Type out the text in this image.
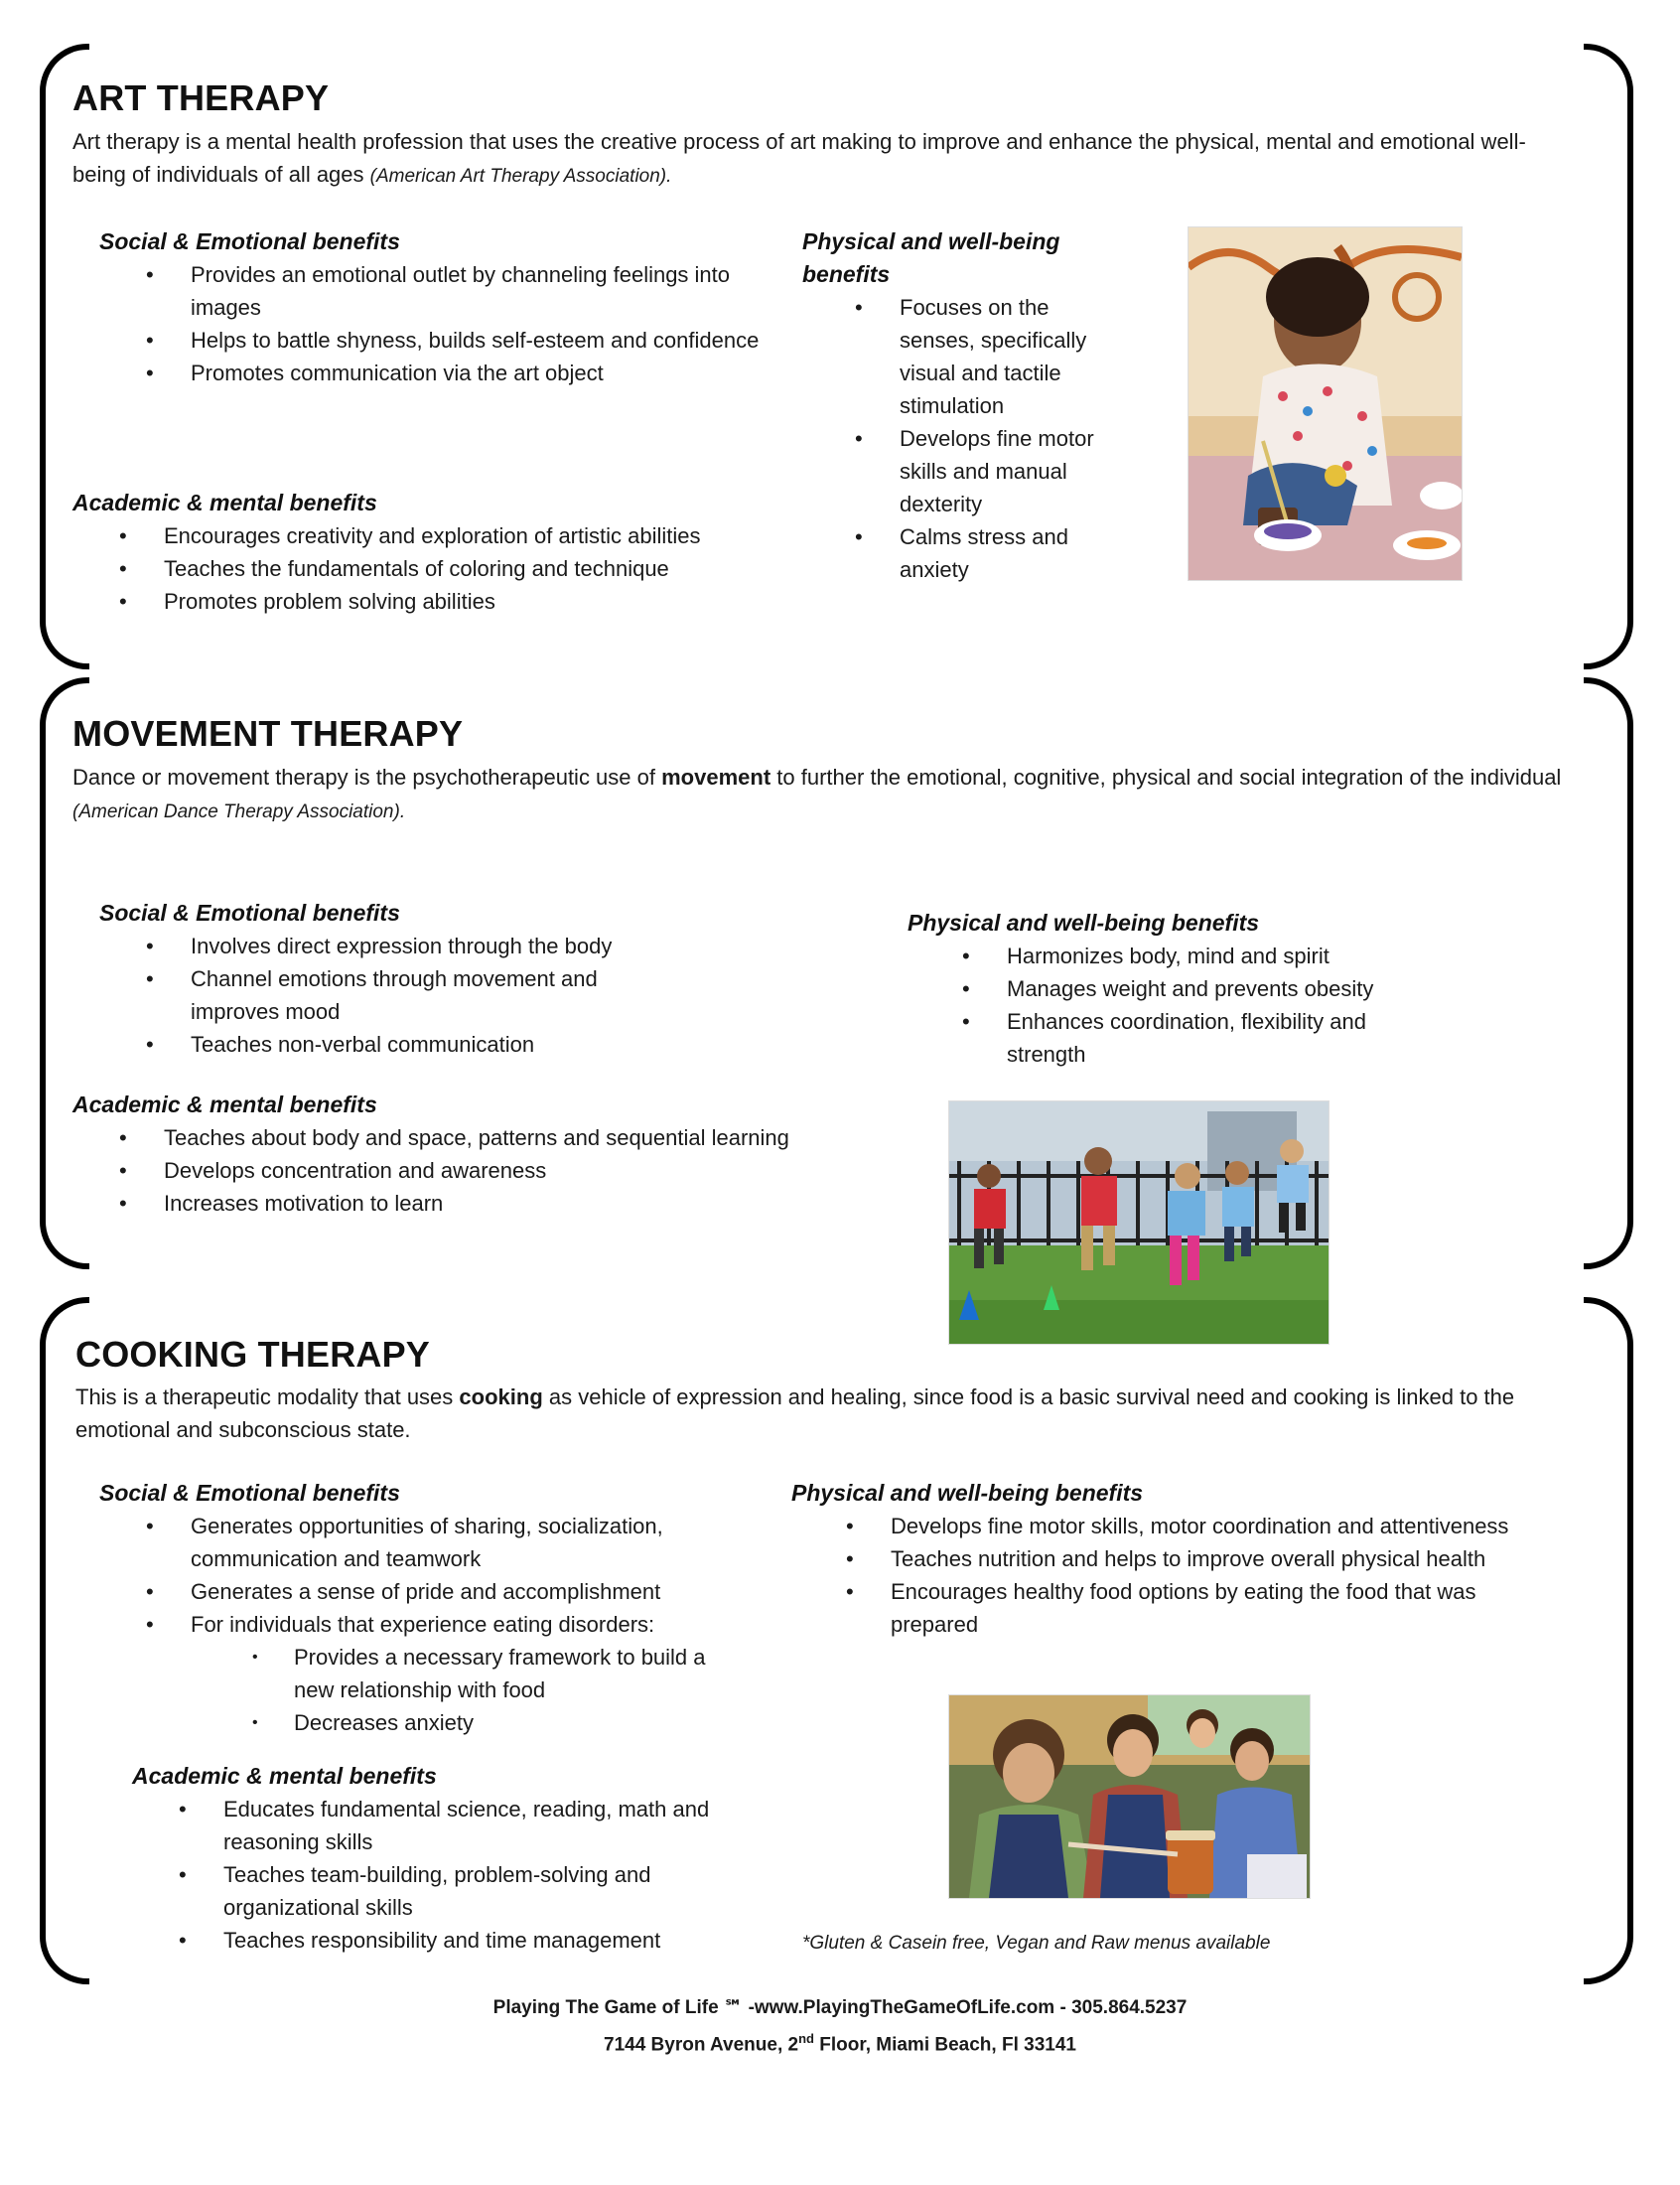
ART THERAPY

Art therapy is a mental health profession that uses the creative process of art making to improve and enhance the physical, mental and emotional well-being of individuals of all ages (American Art Therapy Association).

Social & Emotional benefits
• Provides an emotional outlet by channeling feelings into images
• Helps to battle shyness, builds self-esteem and confidence
• Promotes communication via the art object
Academic & mental benefits
• Encourages creativity and exploration of artistic abilities
• Teaches the fundamentals of coloring and technique
• Promotes problem solving abilities
Physical and well-being benefits
• Focuses on the senses, specifically visual and tactile stimulation
• Develops fine motor skills and manual dexterity
• Calms stress and anxiety
MOVEMENT THERAPY

Dance or movement therapy is the psychotherapeutic use of movement to further the emotional, cognitive, physical and social integration of the individual (American Dance Therapy Association).

Social & Emotional benefits
• Involves direct expression through the body
• Channel emotions through movement and improves mood
• Teaches non-verbal communication
Academic & mental benefits
• Teaches about body and space, patterns and sequential learning
• Develops concentration and awareness
• Increases motivation to learn
Physical and well-being benefits
• Harmonizes body, mind and spirit
• Manages weight and prevents obesity
• Enhances coordination, flexibility and strength
COOKING THERAPY

This is a therapeutic modality that uses cooking as vehicle of expression and healing, since food is a basic survival need and cooking is linked to the emotional and subconscious state.

Social & Emotional benefits
• Generates opportunities of sharing, socialization, communication and teamwork
• Generates a sense of pride and accomplishment
• For individuals that experience eating disorders:
• Provides a necessary framework to build a new relationship with food
• Decreases anxiety
Academic & mental benefits
• Educates fundamental science, reading, math and reasoning skills
• Teaches team-building, problem-solving and organizational skills
• Teaches responsibility and time management
Physical and well-being benefits
• Develops fine motor skills, motor coordination and attentiveness
• Teaches nutrition and helps to improve overall physical health
• Encourages healthy food options by eating the food that was prepared
*Gluten & Casein free, Vegan and Raw menus available
Playing The Game of Life ℠ -www.PlayingTheGameOfLife.com - 305.864.5237
7144 Byron Avenue, 2nd Floor, Miami Beach, Fl 33141
